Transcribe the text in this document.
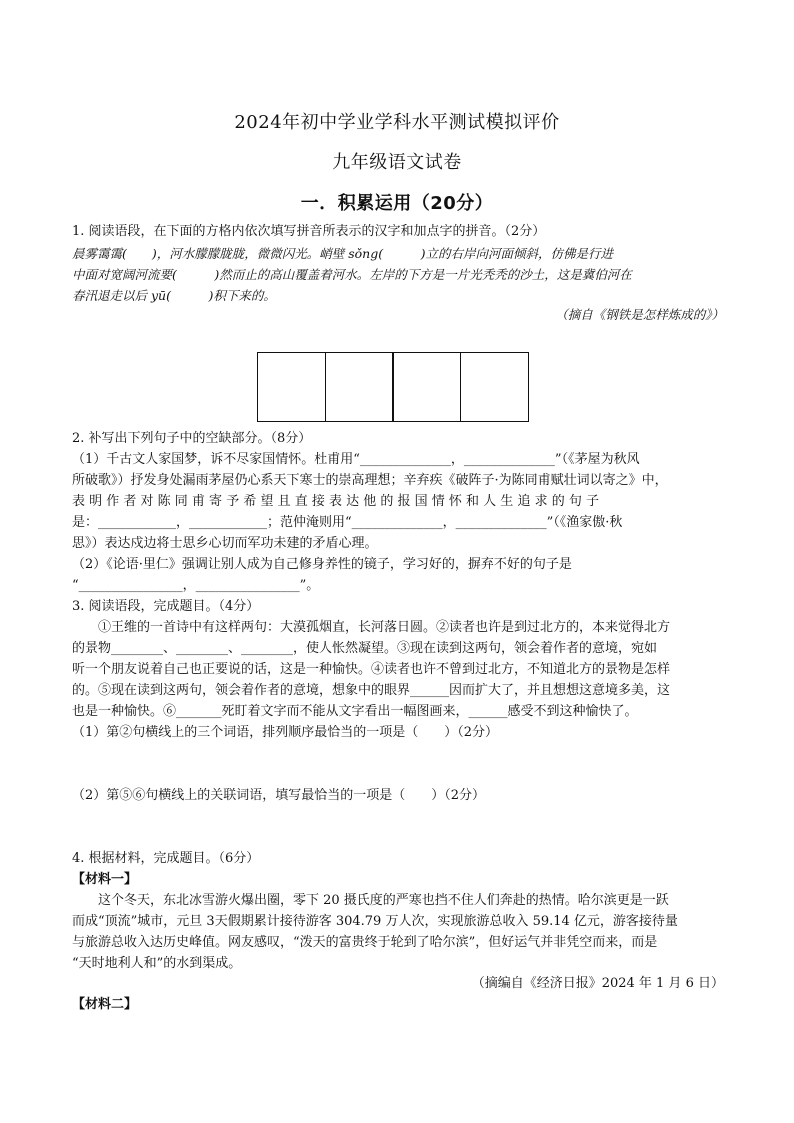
2024年初中学业学科水平测试模拟评价
九年级语文试卷
一．积累运用（20分）
1. 阅读语段，在下面的方格内依次填写拼音所表示的汉字和加点字的拼音。（2分）
晨雾霭霭(　　)，河水朦朦胧胧，微微闪光。峭壁 sǒng(　　　)立的右岸向河面倾斜，仿佛是行进
中面对宽阔河流要(　　　)然而止的高山覆盖着河水。左岸的下方是一片光秃秃的沙土，这是冀伯河在
春汛退走以后 yū(　　　)积下来的。
（摘自《钢铁是怎样炼成的》）
2. 补写出下列句子中的空缺部分。（8分）
（1）千古文人家国梦，诉不尽家国情怀。杜甫用“______________，______________”（《茅屋为秋风
所破歌》）抒发身处漏雨茅屋仍心系天下寒士的崇高理想；辛弃疾《破阵子·为陈同甫赋壮词以寄之》中，
表 明 作 者 对 陈 同 甫 寄 予 希 望 且 直 接 表 达 他 的 报 国 情 怀 和 人 生 追 求 的 句 子
是：____________，____________；范仲淹则用“______________，______________”（《渔家傲·秋
思》）表达戍边将士思乡心切而军功未建的矛盾心理。
（2）《论语·里仁》强调让别人成为自己修身养性的镜子，学习好的，摒弃不好的句子是
“________________，________________”。
3. 阅读语段，完成题目。（4分）
　　①王维的一首诗中有这样两句：大漠孤烟直，长河落日圆。②读者也许是到过北方的，本来觉得北方
的景物________、________、________，使人怅然凝望。③现在读到这两句，领会着作者的意境，宛如
听一个朋友说着自己也正要说的话，这是一种愉快。④读者也许不曾到过北方，不知道北方的景物是怎样
的。⑤现在读到这两句，领会着作者的意境，想象中的眼界______因而扩大了，并且想想这意境多美，这
也是一种愉快。⑥_______死盯着文字而不能从文字看出一幅图画来，______感受不到这种愉快了。
（1）第②句横线上的三个词语，排列顺序最恰当的一项是（　　）（2分）
（2）第⑤⑥句横线上的关联词语，填写最恰当的一项是（　　）（2分）
4. 根据材料，完成题目。（6分）
【材料一】
　　这个冬天，东北冰雪游火爆出圈，零下 20 摄氏度的严寒也挡不住人们奔赴的热情。哈尔滨更是一跃
而成“顶流”城市，元旦 3天假期累计接待游客 304.79 万人次，实现旅游总收入 59.14 亿元，游客接待量
与旅游总收入达历史峰值。网友感叹，“泼天的富贵终于轮到了哈尔滨”，但好运气并非凭空而来，而是
“天时地利人和”的水到渠成。
（摘编自《经济日报》2024 年 1 月 6 日）
【材料二】
